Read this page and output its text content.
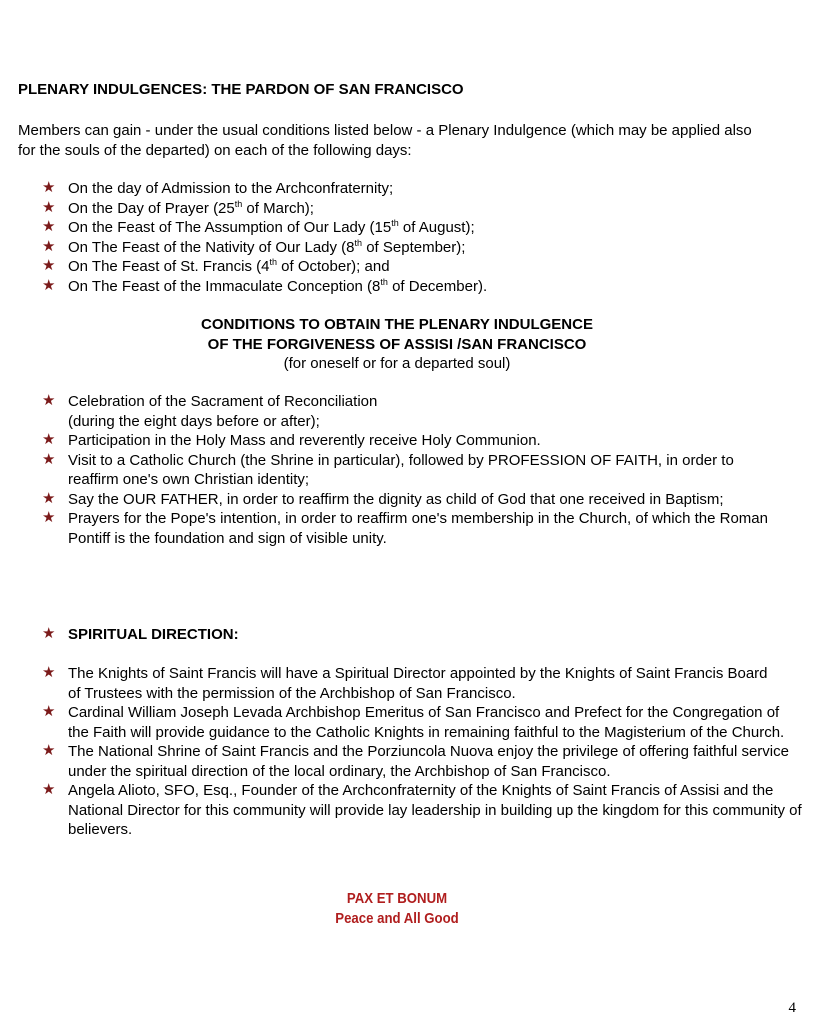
PLENARY INDULGENCES: THE PARDON OF SAN FRANCISCO
Members can gain - under the usual conditions listed below - a Plenary Indulgence (which may be applied also for the souls of the departed) on each of the following days:
★ On the day of Admission to the Archconfraternity;
★ On the Day of Prayer (25th of March);
★ On the Feast of The Assumption of Our Lady (15th of August);
★ On The Feast of the Nativity of Our Lady (8th of September);
★ On The Feast of St. Francis (4th of October); and
★ On The Feast of the Immaculate Conception (8th of December).
CONDITIONS TO OBTAIN THE PLENARY INDULGENCE
OF THE FORGIVENESS OF ASSISI /SAN FRANCISCO
(for oneself or for a departed soul)
★ Celebration of the Sacrament of Reconciliation (during the eight days before or after);
★ Participation in the Holy Mass and reverently receive Holy Communion.
★ Visit to a Catholic Church (the Shrine in particular), followed by PROFESSION OF FAITH, in order to reaffirm one's own Christian identity;
★ Say the OUR FATHER, in order to reaffirm the dignity as child of God that one received in Baptism;
★ Prayers for the Pope's intention, in order to reaffirm one's membership in the Church, of which the Roman Pontiff is the foundation and sign of visible unity.
★ SPIRITUAL DIRECTION:
★ The Knights of Saint Francis will have a Spiritual Director appointed by the Knights of Saint Francis Board of Trustees with the permission of the Archbishop of San Francisco.
★ Cardinal William Joseph Levada Archbishop Emeritus of San Francisco and Prefect for the Congregation of the Faith will provide guidance to the Catholic Knights in remaining faithful to the Magisterium of the Church.
★ The National Shrine of Saint Francis and the Porziuncola Nuova enjoy the privilege of offering faithful service under the spiritual direction of the local ordinary, the Archbishop of San Francisco.
★ Angela Alioto, SFO, Esq., Founder of the Archconfraternity of the Knights of Saint Francis of Assisi and the National Director for this community will provide lay leadership in building up the kingdom for this community of believers.
PAX ET BONUM
Peace and All Good
4
